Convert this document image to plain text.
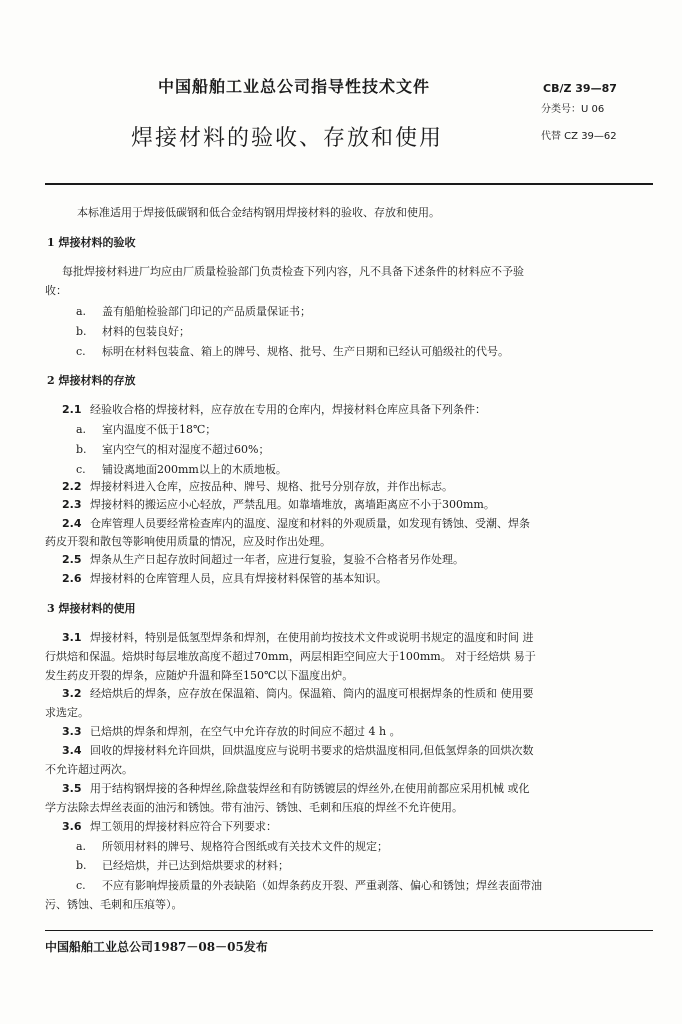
中国船舶工业总公司指导性技术文件
焊接材料的验收、存放和使用
CB/Z 39—87
分类号：U 06
代替 CZ 39—62
本标准适用于焊接低碳钢和低合金结构钢用焊接材料的验收、存放和使用。
1 焊接材料的验收
每批焊接材料进厂均应由厂质量检验部门负责检查下列内容，凡不具备下述条件的材料应不予验
收：
a. 盖有船舶检验部门印记的产品质量保证书；
b. 材料的包装良好；
c. 标明在材料包装盒、箱上的牌号、规格、批号、生产日期和已经认可船级社的代号。
2 焊接材料的存放
2.1 经验收合格的焊接材料，应存放在专用的仓库内，焊接材料仓库应具备下列条件：
a. 室内温度不低于18℃；
b. 室内空气的相对湿度不超过60%；
c. 铺设离地面200mm以上的木质地板。
2.2 焊接材料进入仓库，应按品种、牌号、规格、批号分别存放，并作出标志。
2.3 焊接材料的搬运应小心轻放，严禁乱甩。如靠墙堆放，离墙距离应不小于300mm。
2.4 仓库管理人员要经常检查库内的温度、湿度和材料的外观质量，如发现有锈蚀、受潮、焊条
药皮开裂和散包等影响使用质量的情况，应及时作出处理。
2.5 焊条从生产日起存放时间超过一年者，应进行复验，复验不合格者另作处理。
2.6 焊接材料的仓库管理人员，应具有焊接材料保管的基本知识。
3 焊接材料的使用
3.1 焊接材料，特别是低氢型焊条和焊剂，在使用前均按技术文件或说明书规定的温度和时间 进
行烘焙和保温。焙烘时每层堆放高度不超过70mm，两层相距空间应大于100mm。 对于经焙烘 易于
发生药皮开裂的焊条，应随炉升温和降至150℃以下温度出炉。
3.2 经焙烘后的焊条，应存放在保温箱、筒内。保温箱、筒内的温度可根据焊条的性质和 使用要
求选定。
3.3 已焙烘的焊条和焊剂，在空气中允许存放的时间应不超过 4 h 。
3.4 回收的焊接材料允许回烘，回烘温度应与说明书要求的焙烘温度相同,但低氢焊条的回烘次数
不允许超过两次。
3.5 用于结构钢焊接的各种焊丝,除盘装焊丝和有防锈镀层的焊丝外,在使用前都应采用机械 或化
学方法除去焊丝表面的油污和锈蚀。带有油污、锈蚀、毛刺和压痕的焊丝不允许使用。
3.6 焊工领用的焊接材料应符合下列要求：
a. 所领用材料的牌号、规格符合图纸或有关技术文件的规定；
b. 已经焙烘，并已达到焙烘要求的材料；
c. 不应有影响焊接质量的外表缺陷（如焊条药皮开裂、严重剥落、偏心和锈蚀；焊丝表面带油
污、锈蚀、毛刺和压痕等）。
中国船舶工业总公司1987－08－05发布
